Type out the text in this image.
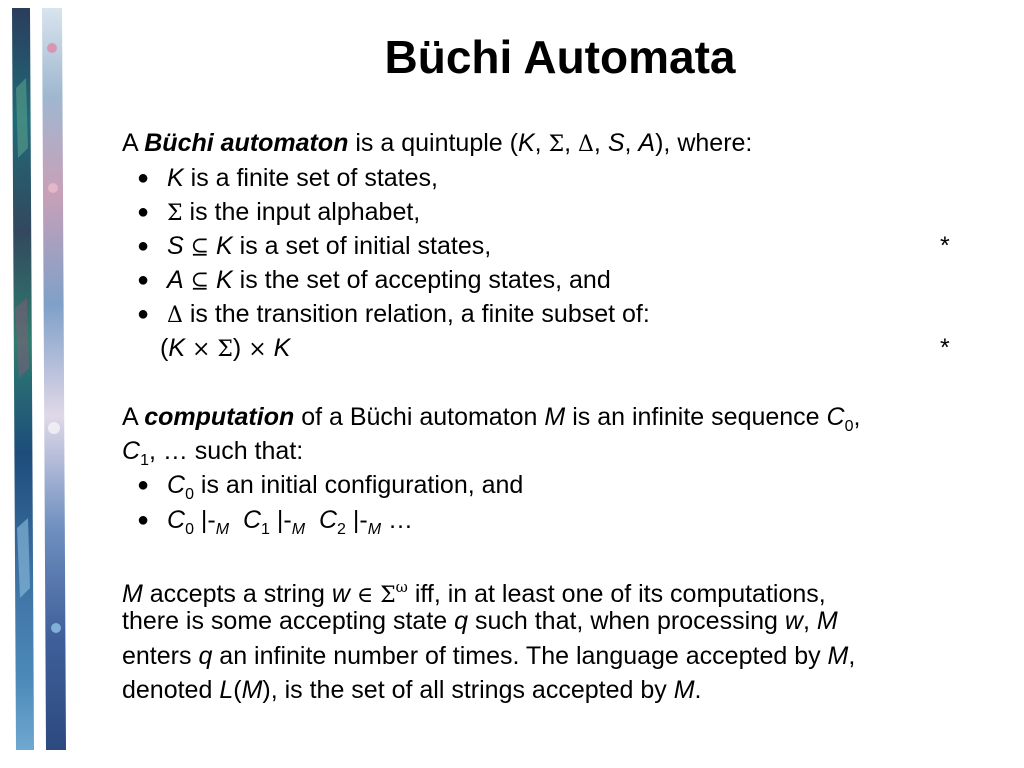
Büchi Automata
A Büchi automaton is a quintuple (K, Σ, Δ, S, A), where:
● K is a finite set of states,
● Σ is the input alphabet,
● S ⊆ K is a set of initial states,	*
● A ⊆ K is the set of accepting states, and
● Δ is the transition relation, a finite subset of:
(K × Σ) × K	*
A computation of a Büchi automaton M is an infinite sequence $C_0$,
$C_1$, … such that:
● $C_0$ is an initial configuration, and
● $C_0$ $|-_M$ $C_1$ $|-_M$ $C_2$ $|-_M$ …
M accepts a string w ∈ $\Sigma^\omega$ iff, in at least one of its computations,
there is some accepting state q such that, when processing w, M
enters q an infinite number of times. The language accepted by M,
denoted L(M), is the set of all strings accepted by M.
